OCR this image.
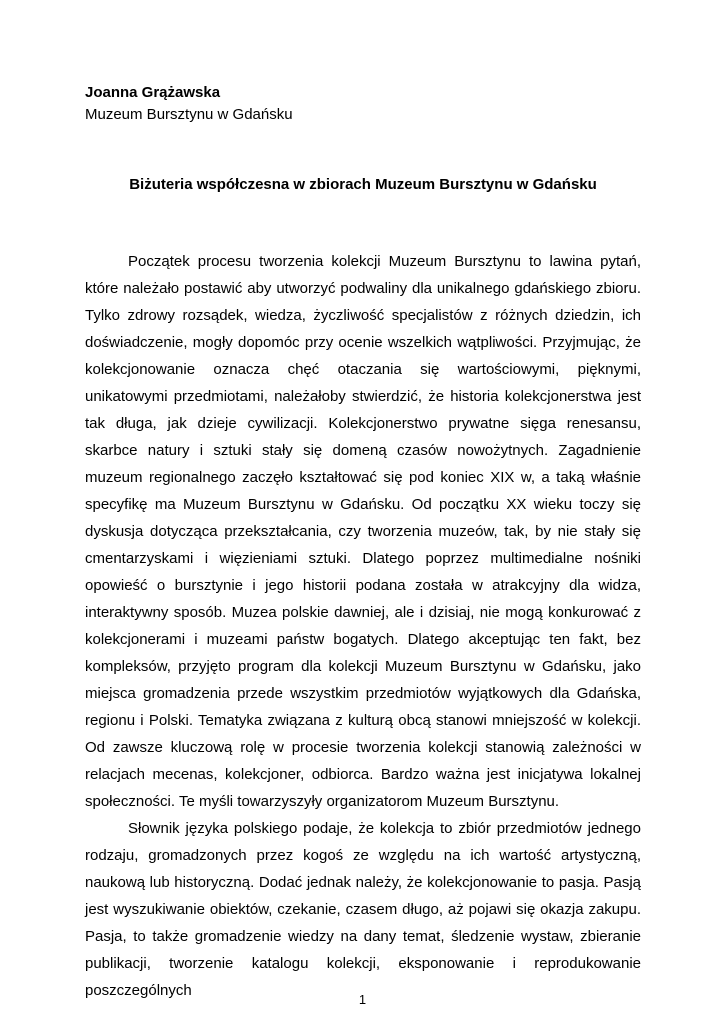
Joanna Grążawska
Muzeum Bursztynu w Gdańsku
Biżuteria współczesna w zbiorach Muzeum Bursztynu w Gdańsku

Początek procesu tworzenia kolekcji Muzeum Bursztynu to lawina pytań, które należało postawić aby utworzyć podwaliny dla unikalnego gdańskiego zbioru. Tylko zdrowy rozsądek, wiedza, życzliwość specjalistów z różnych dziedzin, ich doświadczenie, mogły dopomóc przy ocenie wszelkich wątpliwości. Przyjmując, że kolekcjonowanie oznacza chęć otaczania się wartościowymi, pięknymi, unikatowymi przedmiotami, należałoby stwierdzić, że historia kolekcjonerstwa jest tak długa, jak dzieje cywilizacji. Kolekcjonerstwo prywatne sięga renesansu, skarbce natury i sztuki stały się domeną czasów nowożytnych. Zagadnienie muzeum regionalnego zaczęło kształtować się pod koniec XIX w, a taką właśnie specyfikę ma Muzeum Bursztynu w Gdańsku. Od początku XX wieku toczy się dyskusja dotycząca przekształcania, czy tworzenia muzeów, tak, by nie stały się cmentarzyskami i więzieniami sztuki. Dlatego poprzez multimedialne nośniki opowieść o bursztynie i jego historii podana została w atrakcyjny dla widza, interaktywny sposób. Muzea polskie dawniej, ale i dzisiaj, nie mogą konkurować z kolekcjonerami i muzeami państw bogatych. Dlatego akceptując ten fakt, bez kompleksów, przyjęto program dla kolekcji Muzeum Bursztynu w Gdańsku, jako miejsca gromadzenia przede wszystkim przedmiotów wyjątkowych dla Gdańska, regionu i Polski. Tematyka związana z kulturą obcą stanowi mniejszość w kolekcji. Od zawsze kluczową rolę w procesie tworzenia kolekcji stanowią zależności w relacjach mecenas, kolekcjoner, odbiorca. Bardzo ważna jest inicjatywa lokalnej społeczności. Te myśli towarzyszyły organizatorom Muzeum Bursztynu.

Słownik języka polskiego podaje, że kolekcja to zbiór przedmiotów jednego rodzaju, gromadzonych przez kogoś ze względu na ich wartość artystyczną, naukową lub historyczną. Dodać jednak należy, że kolekcjonowanie to pasja. Pasją jest wyszukiwanie obiektów, czekanie, czasem długo, aż pojawi się okazja zakupu. Pasja, to także gromadzenie wiedzy na dany temat, śledzenie wystaw, zbieranie publikacji, tworzenie katalogu kolekcji, eksponowanie i reprodukowanie poszczególnych

1
